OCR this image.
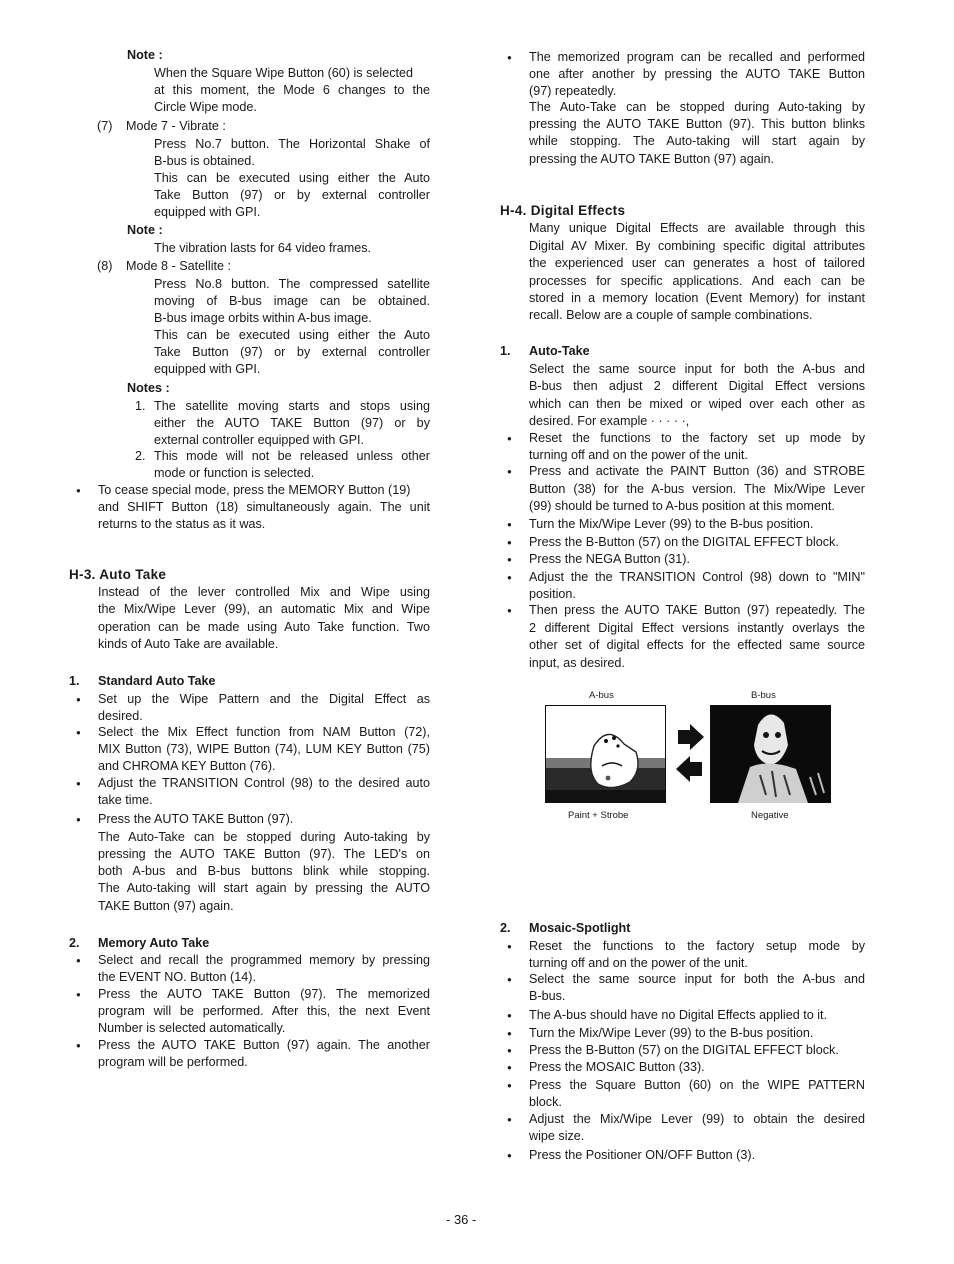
Note :
When the Square Wipe Button (60) is selected
at this moment, the Mode 6 changes to the
Circle Wipe mode.
(7) Mode 7 - Vibrate :
Press No.7 button. The Horizontal Shake of
B-bus is obtained.
This can be executed using either the Auto
Take Button (97) or by external controller
equipped with GPI.
Note :
The vibration lasts for 64 video frames.
(8) Mode 8 - Satellite :
Press No.8 button. The compressed satellite
moving of B-bus image can be obtained.
B-bus image orbits within A-bus image.
This can be executed using either the Auto
Take Button (97) or by external controller
equipped with GPI.
Notes :
1. The satellite moving starts and stops using
either the AUTO TAKE Button (97) or by
external controller equipped with GPI.
2. This mode will not be released unless other
mode or function is selected.
● To cease special mode, press the MEMORY Button (19)
and SHIFT Button (18) simultaneously again. The unit
returns to the status as it was.
H-3. Auto Take
Instead of the lever controlled Mix and Wipe using
the Mix/Wipe Lever (99), an automatic Mix and Wipe
operation can be made using Auto Take function. Two
kinds of Auto Take are available.
1. Standard Auto Take
● Set up the Wipe Pattern and the Digital Effect as
desired.
● Select the Mix Effect function from NAM Button (72),
MIX Button (73), WIPE Button (74), LUM KEY Button (75)
and CHROMA KEY Button (76).
● Adjust the TRANSITION Control (98) to the desired auto
take time.
● Press the AUTO TAKE Button (97).
The Auto-Take can be stopped during Auto-taking by
pressing the AUTO TAKE Button (97). The LED's on
both A-bus and B-bus buttons blink while stopping.
The Auto-taking will start again by pressing the AUTO
TAKE Button (97) again.
2. Memory Auto Take
● Select and recall the programmed memory by pressing
the EVENT NO. Button (14).
● Press the AUTO TAKE Button (97). The memorized
program will be performed. After this, the next Event
Number is selected automatically.
● Press the AUTO TAKE Button (97) again. The another
program will be performed.
● The memorized program can be recalled and performed
one after another by pressing the AUTO TAKE Button
(97) repeatedly.
The Auto-Take can be stopped during Auto-taking by
pressing the AUTO TAKE Button (97). This button blinks
while stopping. The Auto-taking will start again by
pressing the AUTO TAKE Button (97) again.
H-4. Digital Effects
Many unique Digital Effects are available through this
Digital AV Mixer. By combining specific digital attributes
the experienced user can generates a host of tailored
processes for specific applications. And each can be
stored in a memory location (Event Memory) for instant
recall. Below are a couple of sample combinations.
1. Auto-Take
Select the same source input for both the A-bus and
B-bus then adjust 2 different Digital Effect versions
which can then be mixed or wiped over each other as
desired. For example · · · · ·,
● Reset the functions to the factory set up mode by
turning off and on the power of the unit.
● Press and activate the PAINT Button (36) and STROBE
Button (38) for the A-bus version. The Mix/Wipe Lever
(99) should be turned to A-bus position at this moment.
● Turn the Mix/Wipe Lever (99) to the B-bus position.
● Press the B-Button (57) on the DIGITAL EFFECT block.
● Press the NEGA Button (31).
● Adjust the the TRANSITION Control (98) down to "MIN"
position.
● Then press the AUTO TAKE Button (97) repeatedly. The
2 different Digital Effect versions instantly overlays the
other set of digital effects for the effected same source
input, as desired.
A-bus	B-bus
Paint + Strobe	Negative
2. Mosaic-Spotlight
● Reset the functions to the factory setup mode by
turning off and on the power of the unit.
● Select the same source input for both the A-bus and
B-bus.
● The A-bus should have no Digital Effects applied to it.
● Turn the Mix/Wipe Lever (99) to the B-bus position.
● Press the B-Button (57) on the DIGITAL EFFECT block.
● Press the MOSAIC Button (33).
● Press the Square Button (60) on the WIPE PATTERN
block.
● Adjust the Mix/Wipe Lever (99) to obtain the desired
wipe size.
● Press the Positioner ON/OFF Button (3).
- 36 -
